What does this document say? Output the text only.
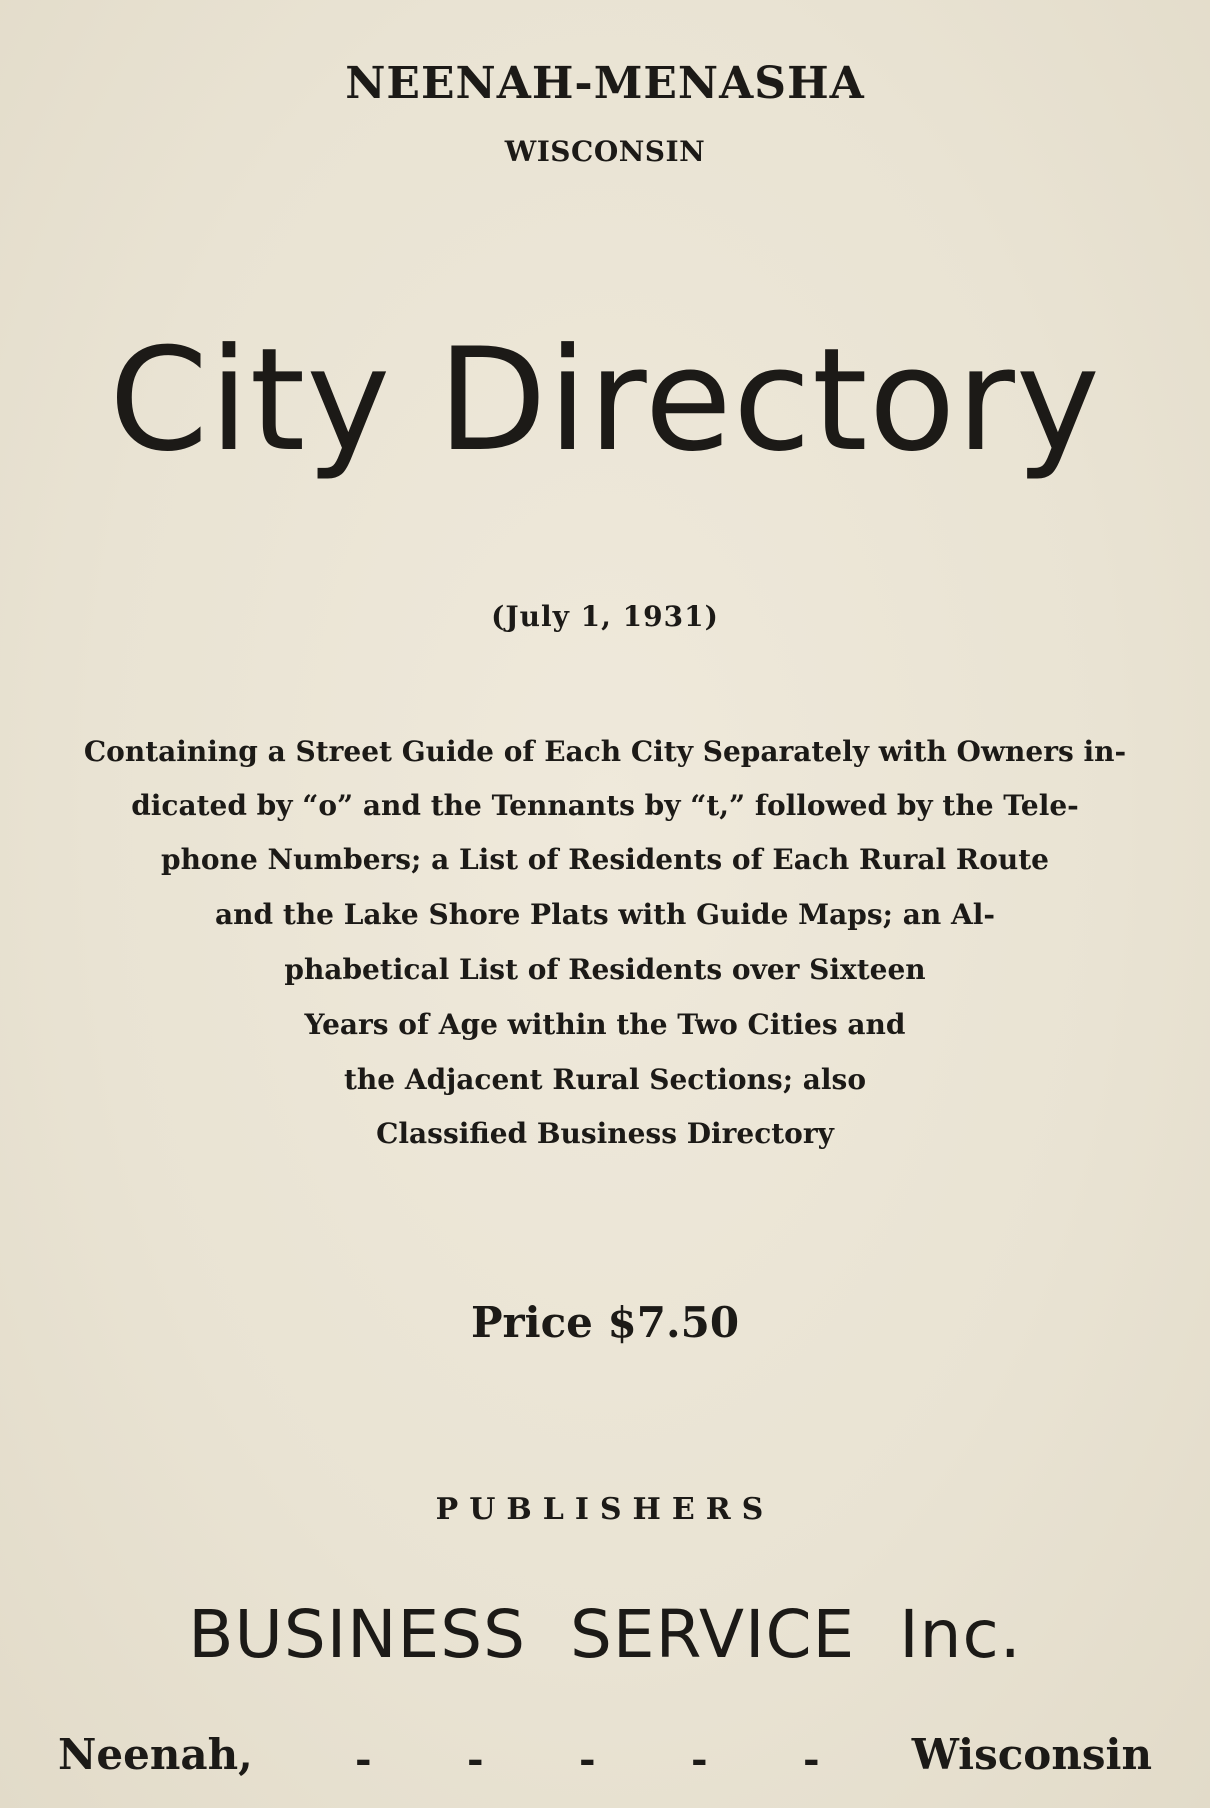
NEENAH-MENASHA
WISCONSIN
City Directory
(July 1, 1931)
Containing a Street Guide of Each City Separately with Owners in-
dicated by “o” and the Tennants by “t,” followed by the Tele-
phone Numbers; a List of Residents of Each Rural Route
and the Lake Shore Plats with Guide Maps; an Al-
phabetical List of Residents over Sixteen
Years of Age within the Two Cities and
the Adjacent Rural Sections; also
Classified Business Directory
Price $7.50
PUBLISHERS
BUSINESS  SERVICE  Inc.
Neenah,	- - - - - Wisconsin
